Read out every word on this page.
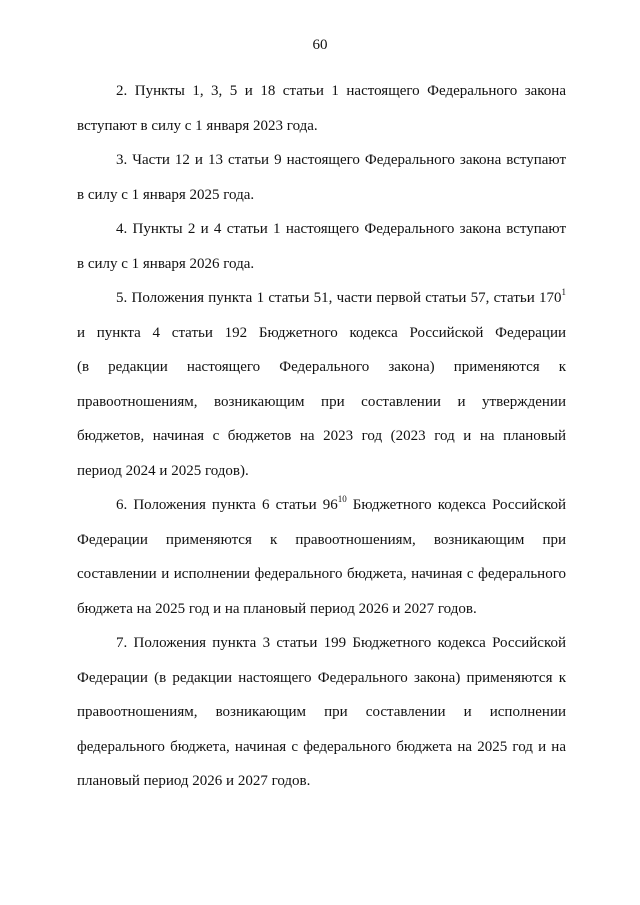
60

2. Пункты 1, 3, 5 и 18 статьи 1 настоящего Федерального закона
вступают в силу с 1 января 2023 года.

3. Части 12 и 13 статьи 9 настоящего Федерального закона вступают
в силу с 1 января 2025 года.

4. Пункты 2 и 4 статьи 1 настоящего Федерального закона вступают
в силу с 1 января 2026 года.

5. Положения пункта 1 статьи 51, части первой статьи 57, статьи $170^1$
и пункта 4 статьи 192 Бюджетного кодекса Российской Федерации
(в редакции настоящего Федерального закона) применяются к
правоотношениям, возникающим при составлении и утверждении
бюджетов, начиная с бюджетов на 2023 год (2023 год и на плановый
период 2024 и 2025 годов).

6. Положения пункта 6 статьи $96^{10}$ Бюджетного кодекса Российской
Федерации применяются к правоотношениям, возникающим при
составлении и исполнении федерального бюджета, начиная с федерального
бюджета на 2025 год и на плановый период 2026 и 2027 годов.

7. Положения пункта 3 статьи 199 Бюджетного кодекса Российской
Федерации (в редакции настоящего Федерального закона) применяются к
правоотношениям, возникающим при составлении и исполнении
федерального бюджета, начиная с федерального бюджета на 2025 год и на
плановый период 2026 и 2027 годов.
